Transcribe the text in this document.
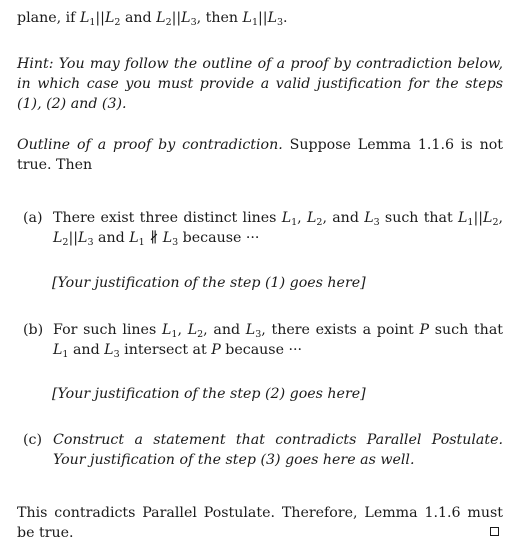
plane, if $L_1||L_2$ and $L_2||L_3$, then $L_1||L_3$.
Hint: You may follow the outline of a proof by contradiction below, in which case you must provide a valid justification for the steps (1), (2) and (3).
Outline of a proof by contradiction. Suppose Lemma 1.1.6 is not true. Then
(a) There exist three distinct lines $L_1$, $L_2$, and $L_3$ such that $L_1||L_2$, $L_2||L_3$ and $L_1$ ∦ $L_3$ because ···
[Your justification of the step (1) goes here]
(b) For such lines $L_1$, $L_2$, and $L_3$, there exists a point P such that $L_1$ and $L_3$ intersect at P because ···
[Your justification of the step (2) goes here]
(c) Construct a statement that contradicts Parallel Postulate. Your justification of the step (3) goes here as well.
This contradicts Parallel Postulate. Therefore, Lemma 1.1.6 must be true.
